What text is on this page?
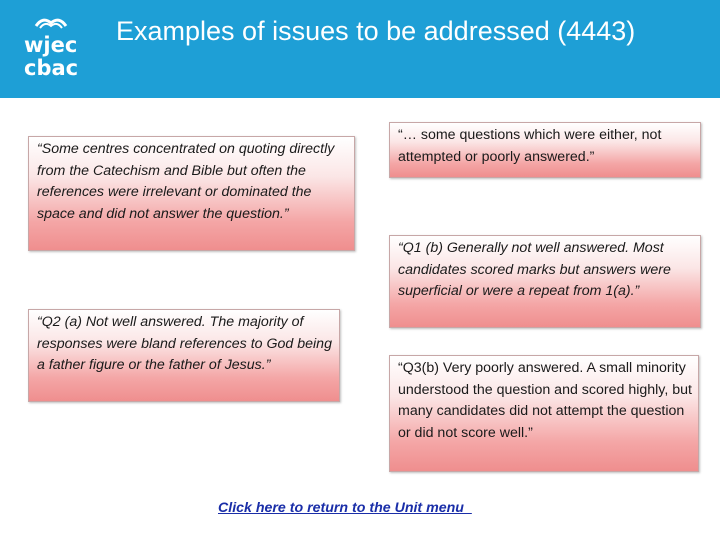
wjec
cbac
Examples of issues to be addressed (4443)
“Some centres concentrated on quoting directly from the Catechism and Bible but often the references were irrelevant or dominated the space and did not answer the question.”
“Q2 (a) Not well answered. The majority of responses were bland references to God being a father figure or the father of Jesus.”
“… some questions which were either, not attempted or poorly answered.”
“Q1 (b) Generally not well answered. Most candidates scored marks but answers were superficial or were a repeat from 1(a).”
“Q3(b) Very poorly answered. A small minority understood the question and scored highly, but many candidates did not attempt the question or did not score well.”
Click here to return to the Unit menu
